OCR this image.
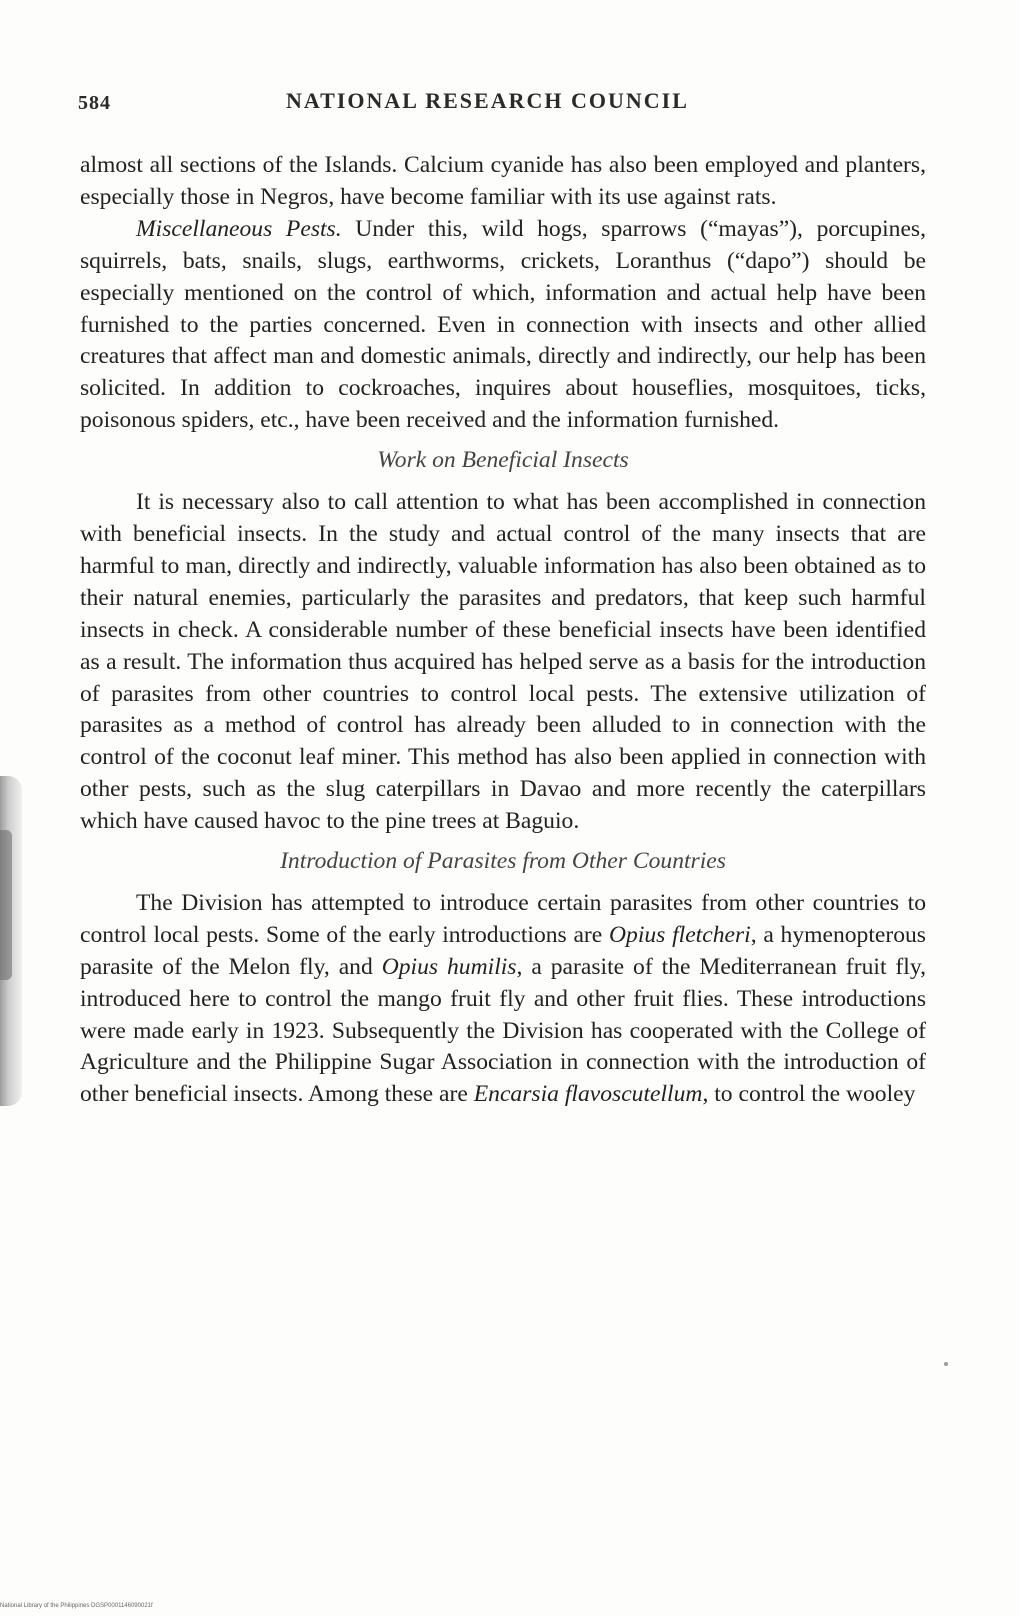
584	NATIONAL RESEARCH COUNCIL

almost all sections of the Islands. Calcium cyanide has also been employed and planters, especially those in Negros, have become familiar with its use against rats.

Miscellaneous Pests. Under this, wild hogs, sparrows (“mayas”), porcupines, squirrels, bats, snails, slugs, earthworms, crickets, Loranthus (“dapo”) should be especially mentioned on the control of which, information and actual help have been furnished to the parties concerned. Even in connection with insects and other allied creatures that affect man and domestic animals, directly and indirectly, our help has been solicited. In addition to cockroaches, inquires about houseflies, mosquitoes, ticks, poisonous spiders, etc., have been received and the information furnished.

Work on Beneficial Insects

It is necessary also to call attention to what has been accomplished in connection with beneficial insects. In the study and actual control of the many insects that are harmful to man, directly and indirectly, valuable information has also been obtained as to their natural enemies, particularly the parasites and predators, that keep such harmful insects in check. A considerable number of these beneficial insects have been identified as a result. The information thus acquired has helped serve as a basis for the introduction of parasites from other countries to control local pests. The extensive utilization of parasites as a method of control has already been alluded to in connection with the control of the coconut leaf miner. This method has also been applied in connection with other pests, such as the slug caterpillars in Davao and more recently the caterpillars which have caused havoc to the pine trees at Baguio.

Introduction of Parasites from Other Countries

The Division has attempted to introduce certain parasites from other countries to control local pests. Some of the early introductions are Opius fletcheri, a hymenopterous parasite of the Melon fly, and Opius humilis, a parasite of the Mediterranean fruit fly, introduced here to control the mango fruit fly and other fruit flies. These introductions were made early in 1923. Subsequently the Division has cooperated with the College of Agriculture and the Philippine Sugar Association in connection with the introduction of other beneficial insects. Among these are Encarsia flavoscutellum, to control the wooley

National Library of the Philippines DGSP0001146090021f
